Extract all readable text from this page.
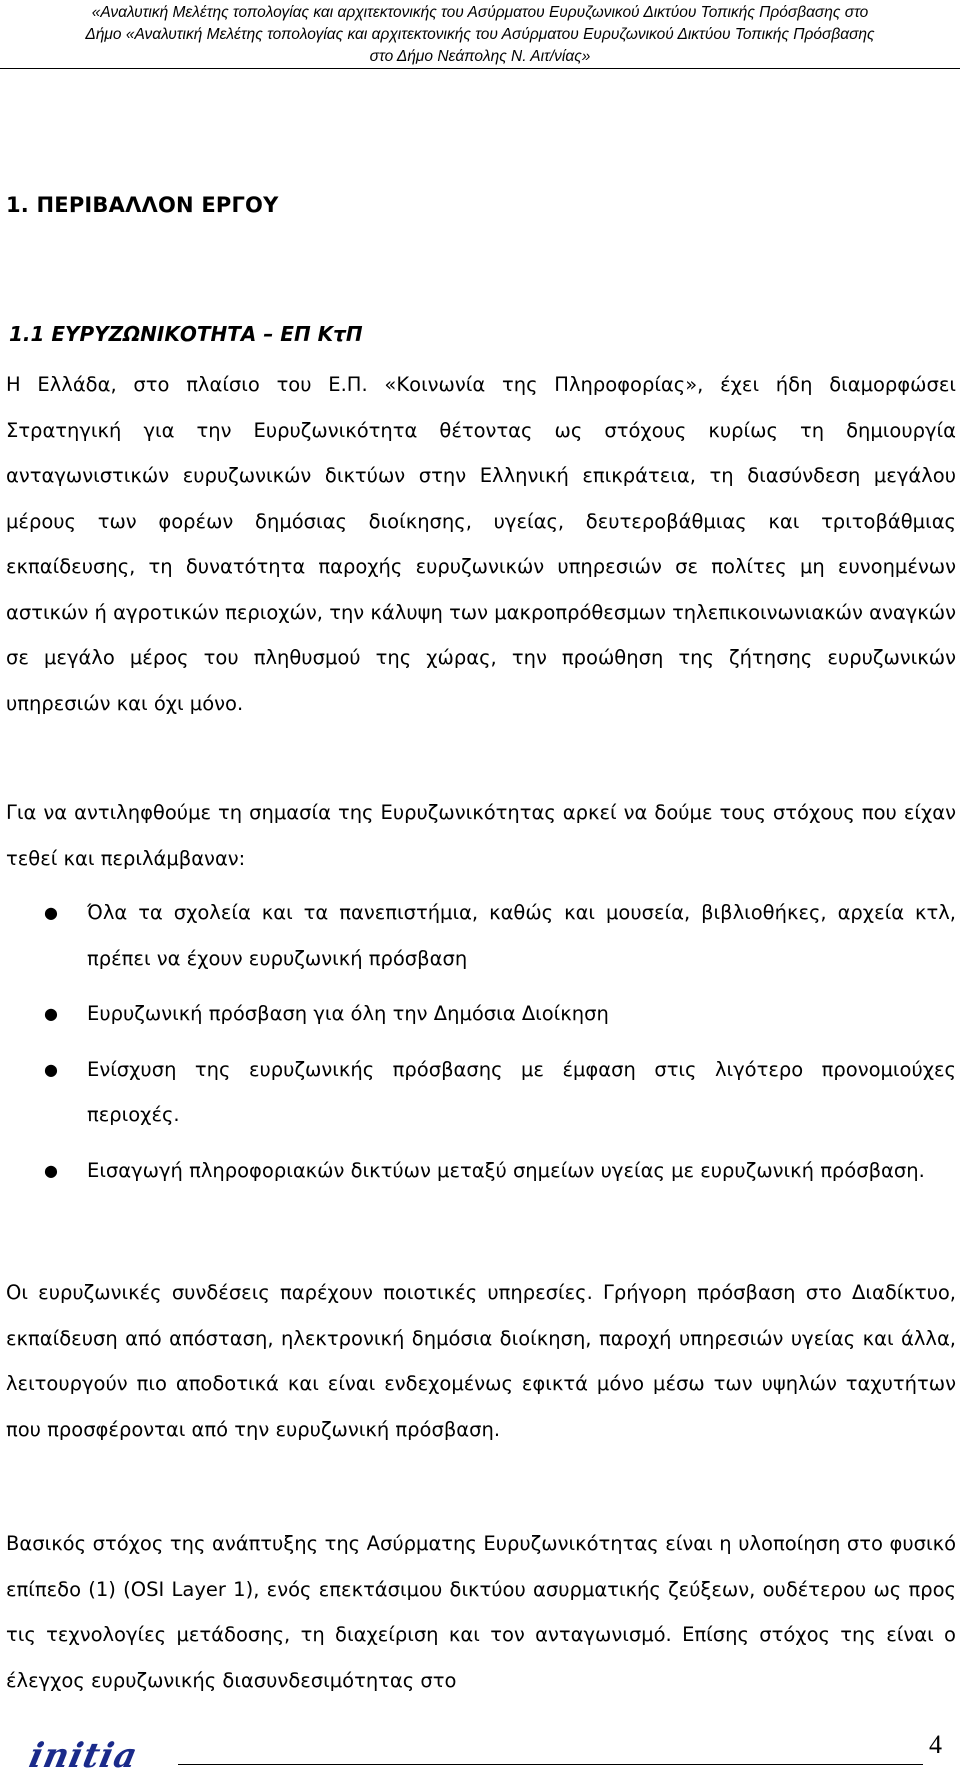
«Αναλυτική Μελέτης τοπολογίας και αρχιτεκτονικής του Ασύρματου Ευρυζωνικού Δικτύου Τοπικής Πρόσβασης στο
Δήμο «Αναλυτική Μελέτης τοπολογίας και αρχιτεκτονικής του Ασύρματου Ευρυζωνικού Δικτύου Τοπικής Πρόσβασης
στο Δήμο Νεάπολης Ν. Αιτ/νίας»
1. ΠΕΡΙΒΑΛΛΟΝ ΕΡΓΟΥ
1.1 ΕΥΡΥΖΩΝΙΚΟΤΗΤΑ – ΕΠ ΚτΠ

Η Ελλάδα, στο πλαίσιο του Ε.Π. «Κοινωνία της Πληροφορίας», έχει ήδη διαμορφώσει Στρατηγική για την Ευρυζωνικότητα θέτοντας ως στόχους κυρίως τη δημιουργία ανταγωνιστικών ευρυζωνικών δικτύων στην Ελληνική επικράτεια, τη διασύνδεση μεγάλου μέρους των φορέων δημόσιας διοίκησης, υγείας, δευτεροβάθμιας και τριτοβάθμιας εκπαίδευσης, τη δυνατότητα παροχής ευρυζωνικών υπηρεσιών σε πολίτες μη ευνοημένων αστικών ή αγροτικών περιοχών, την κάλυψη των μακροπρόθεσμων τηλεπικοινωνιακών αναγκών σε μεγάλο μέρος του πληθυσμού της χώρας, την προώθηση της ζήτησης ευρυζωνικών υπηρεσιών και όχι μόνο.

Για να αντιληφθούμε τη σημασία της Ευρυζωνικότητας αρκεί να δούμε τους στόχους που είχαν τεθεί και περιλάμβαναν:

● Όλα τα σχολεία και τα πανεπιστήμια, καθώς και μουσεία, βιβλιοθήκες, αρχεία κτλ, πρέπει να έχουν ευρυζωνική πρόσβαση
● Ευρυζωνική πρόσβαση για όλη την Δημόσια Διοίκηση
● Ενίσχυση της ευρυζωνικής πρόσβασης με έμφαση στις λιγότερο προνομιούχες περιοχές.
● Εισαγωγή πληροφοριακών δικτύων μεταξύ σημείων υγείας με ευρυζωνική πρόσβαση.

Οι ευρυζωνικές συνδέσεις παρέχουν ποιοτικές υπηρεσίες. Γρήγορη πρόσβαση στο Διαδίκτυο, εκπαίδευση από απόσταση, ηλεκτρονική δημόσια διοίκηση, παροχή υπηρεσιών υγείας και άλλα, λειτουργούν πιο αποδοτικά και είναι ενδεχομένως εφικτά μόνο μέσω των υψηλών ταχυτήτων που προσφέρονται από την ευρυζωνική πρόσβαση.

Βασικός στόχος της ανάπτυξης της Ασύρματης Ευρυζωνικότητας είναι η υλοποίηση στο φυσικό επίπεδο (1) (OSI Layer 1), ενός επεκτάσιμου δικτύου ασυρματικής ζεύξεων, ουδέτερου ως προς τις τεχνολογίες μετάδοσης, τη διαχείριση και τον ανταγωνισμό. Επίσης στόχος της είναι ο έλεγχος ευρυζωνικής διασυνδεσιμότητας στο

initia	4
